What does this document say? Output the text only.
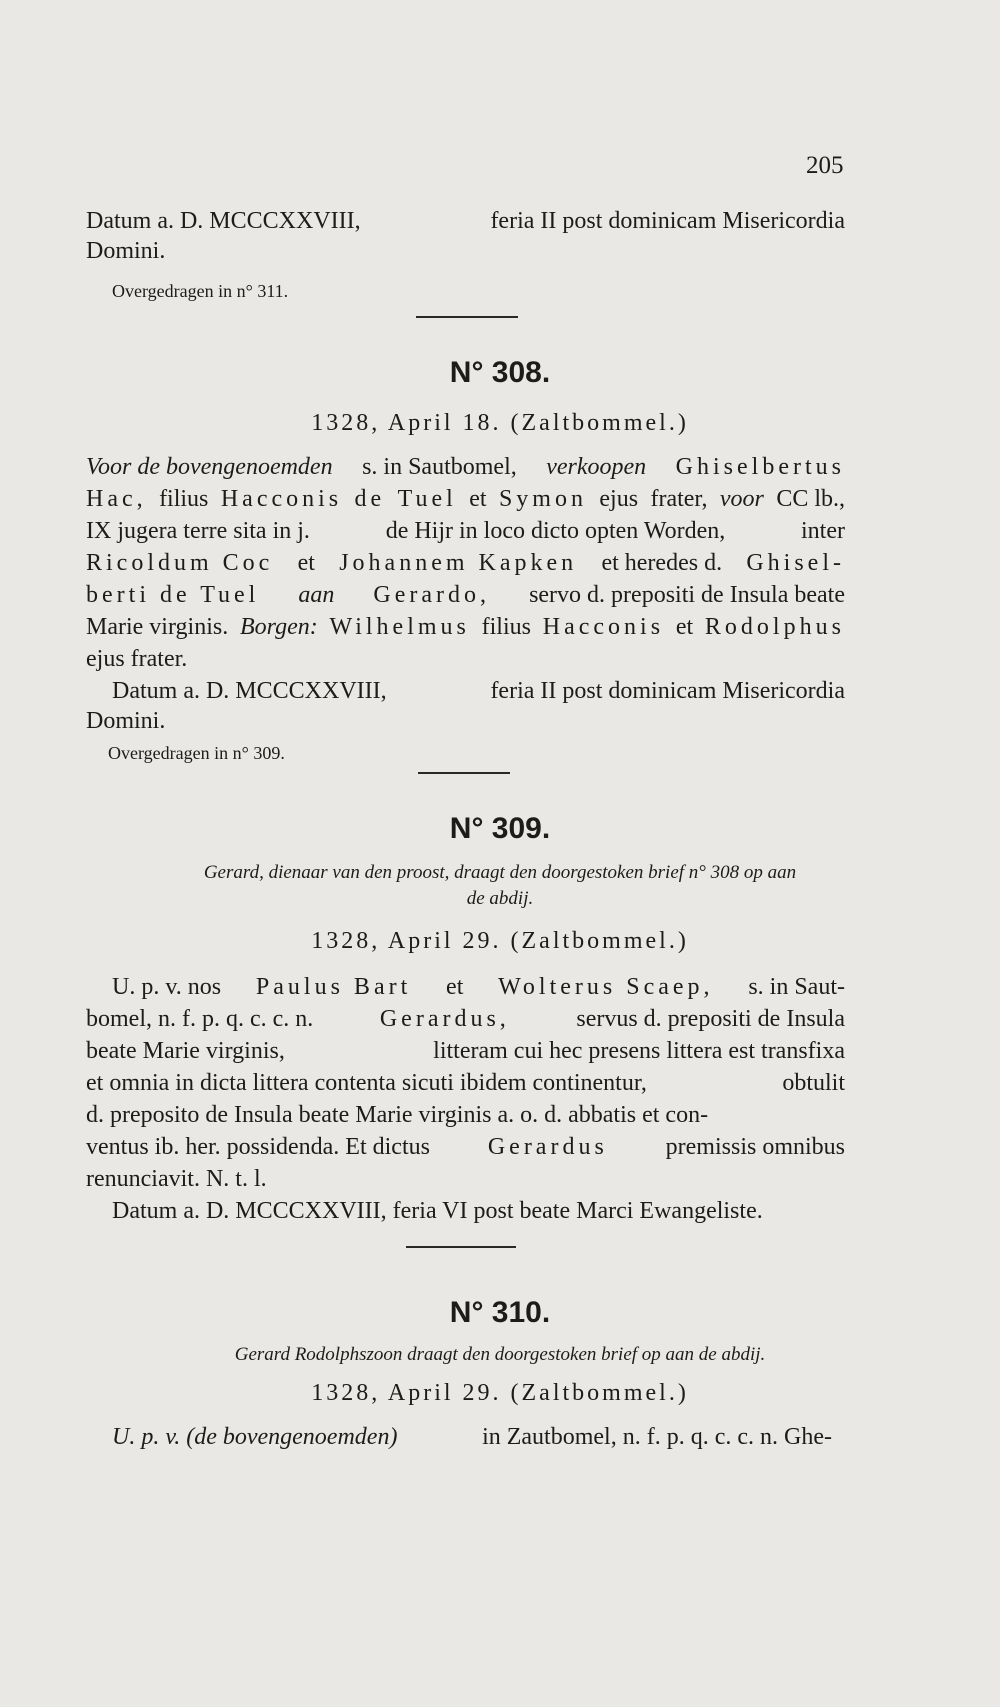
205
Datum a. D. MCCCXXVIII,	feria II post dominicam Misericordia
Domini.
Overgedragen in n° 311.
N° 308.
1328, April 18. (Zaltbommel.)
Voor de bovengenoemden s. in Sautbomel, verkoopen Ghiselbertus
Hac, filius Hacconis de Tuel et Symon ejus frater, voor CC lb.,
IX jugera terre sita in j.	de Hijr in loco dicto opten Worden,	inter
Ricoldum Coc et Johannem Kapken et heredes d. Ghisel-
berti de Tuel aan Gerardo, servo d. prepositi de Insula beate
Marie virginis. Borgen: Wilhelmus filius Hacconis et Rodolphus
ejus frater.
Datum a. D. MCCCXXVIII,	feria II post dominicam Misericordia
Domini.
Overgedragen in n° 309.
N° 309.
Gerard, dienaar van den proost, draagt den doorgestoken brief n° 308 op aan
de abdij.
1328, April 29. (Zaltbommel.)
U. p. v. nos Paulus Bart et Wolterus Scaep, s. in Saut-
bomel, n. f. p. q. c. c. n.	Gerardus,	servus d. prepositi de Insula
beate Marie virginis,	litteram cui hec presens littera est transfixa
et omnia in dicta littera contenta sicuti ibidem continentur,	obtulit
d. preposito de Insula beate Marie virginis a. o. d. abbatis et con-
ventus ib. her. possidenda. Et dictus Gerardus premissis omnibus
renunciavit. N. t. l.
Datum a. D. MCCCXXVIII, feria VI post beate Marci Ewangeliste.
N° 310.
Gerard Rodolphszoon draagt den doorgestoken brief op aan de abdij.
1328, April 29. (Zaltbommel.)
U. p. v. (de bovengenoemden)	in Zautbomel, n. f. p. q. c. c. n. Ghe-
